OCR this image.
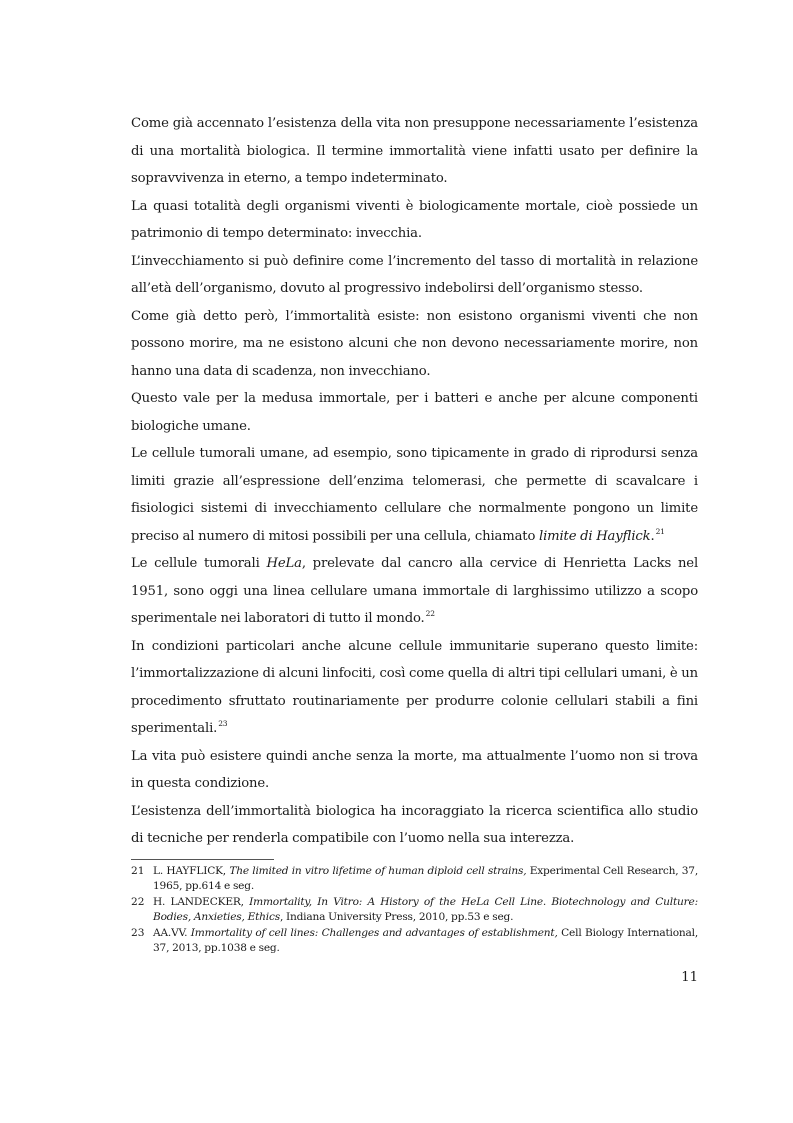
Come già accennato l’esistenza della vita non presuppone necessariamente l’esistenza di una mortalità biologica. Il termine immortalità viene infatti usato per definire la sopravvivenza in eterno, a tempo indeterminato.

La quasi totalità degli organismi viventi è biologicamente mortale, cioè possiede un patrimonio di tempo determinato: invecchia.

L’invecchiamento si può definire come l’incremento del tasso di mortalità in relazione all’età dell’organismo, dovuto al progressivo indebolirsi dell’organismo stesso.

Come già detto però, l’immortalità esiste: non esistono organismi viventi che non possono morire, ma ne esistono alcuni che non devono necessariamente morire, non hanno una data di scadenza, non invecchiano.

Questo vale per la medusa immortale, per i batteri e anche per alcune componenti biologiche umane.

Le cellule tumorali umane, ad esempio, sono tipicamente in grado di riprodursi senza limiti grazie all’espressione dell’enzima telomerasi, che permette di scavalcare i fisiologici sistemi di invecchiamento cellulare che normalmente pongono un limite preciso al numero di mitosi possibili per una cellula, chiamato limite di Hayflick.$^{21}$

Le cellule tumorali HeLa, prelevate dal cancro alla cervice di Henrietta Lacks nel 1951, sono oggi una linea cellulare umana immortale di larghissimo utilizzo a scopo sperimentale nei laboratori di tutto il mondo.$^{22}$

In condizioni particolari anche alcune cellule immunitarie superano questo limite: l’immortalizzazione di alcuni linfociti, così come quella di altri tipi cellulari umani, è un procedimento sfruttato routinariamente per produrre colonie cellulari stabili a fini sperimentali.$^{23}$

La vita può esistere quindi anche senza la morte, ma attualmente l’uomo non si trova in questa condizione.

L’esistenza dell’immortalità biologica ha incoraggiato la ricerca scientifica allo studio di tecniche per renderla compatibile con l’uomo nella sua interezza.

21 L. HAYFLICK, The limited in vitro lifetime of human diploid cell strains, Experimental Cell Research, 37, 1965, pp.614 e seg.
22 H. LANDECKER, Immortality, In Vitro: A History of the HeLa Cell Line. Biotechnology and Culture: Bodies, Anxieties, Ethics, Indiana University Press, 2010, pp.53 e seg.
23 AA.VV. Immortality of cell lines: Challenges and advantages of establishment, Cell Biology International, 37, 2013, pp.1038 e seg.
11
